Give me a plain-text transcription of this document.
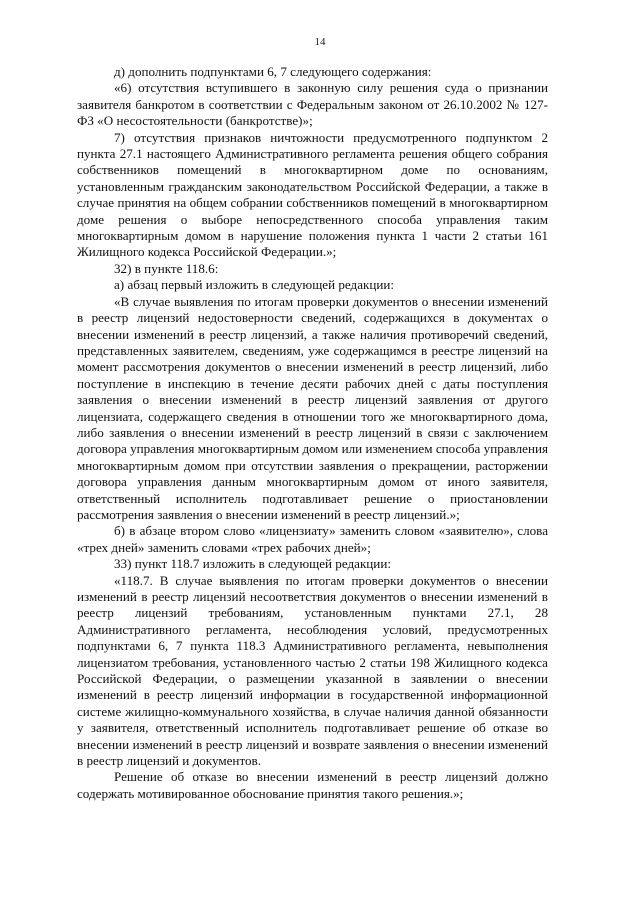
14

д) дополнить подпунктами 6, 7 следующего содержания:

«6) отсутствия вступившего в законную силу решения суда о признании заявителя банкротом в соответствии с Федеральным законом от 26.10.2002 № 127-ФЗ «О несостоятельности (банкротстве)»;

7) отсутствия признаков ничтожности предусмотренного подпунктом 2 пункта 27.1 настоящего Административного регламента решения общего собрания собственников помещений в многоквартирном доме по основаниям, установленным гражданским законодательством Российской Федерации, а также в случае принятия на общем собрании собственников помещений в многоквартирном доме решения о выборе непосредственного способа управления таким многоквартирным домом в нарушение положения пункта 1 части 2 статьи 161 Жилищного кодекса Российской Федерации.»;

32) в пункте 118.6:

а) абзац первый изложить в следующей редакции:

«В случае выявления по итогам проверки документов о внесении изменений в реестр лицензий недостоверности сведений, содержащихся в документах о внесении изменений в реестр лицензий, а также наличия противоречий сведений, представленных заявителем, сведениям, уже содержащимся в реестре лицензий на момент рассмотрения документов о внесении изменений в реестр лицензий, либо поступление в инспекцию в течение десяти рабочих дней с даты поступления заявления о внесении изменений в реестр лицензий заявления от другого лицензиата, содержащего сведения в отношении того же многоквартирного дома, либо заявления о внесении изменений в реестр лицензий в связи с заключением договора управления многоквартирным домом или изменением способа управления многоквартирным домом при отсутствии заявления о прекращении, расторжении договора управления данным многоквартирным домом от иного заявителя, ответственный исполнитель подготавливает решение о приостановлении рассмотрения заявления о внесении изменений в реестр лицензий.»;

б) в абзаце втором слово «лицензиату» заменить словом «заявителю», слова «трех дней» заменить словами «трех рабочих дней»;

33) пункт 118.7 изложить в следующей редакции:

«118.7. В случае выявления по итогам проверки документов о внесении изменений в реестр лицензий несоответствия документов о внесении изменений в реестр лицензий требованиям, установленным пунктами 27.1, 28 Административного регламента, несоблюдения условий, предусмотренных подпунктами 6, 7 пункта 118.3 Административного регламента, невыполнения лицензиатом требования, установленного частью 2 статьи 198 Жилищного кодекса Российской Федерации, о размещении указанной в заявлении о внесении изменений в реестр лицензий информации в государственной информационной системе жилищно-коммунального хозяйства, в случае наличия данной обязанности у заявителя, ответственный исполнитель подготавливает решение об отказе во внесении изменений в реестр лицензий и возврате заявления о внесении изменений в реестр лицензий и документов.

Решение об отказе во внесении изменений в реестр лицензий должно содержать мотивированное обоснование принятия такого решения.»;
